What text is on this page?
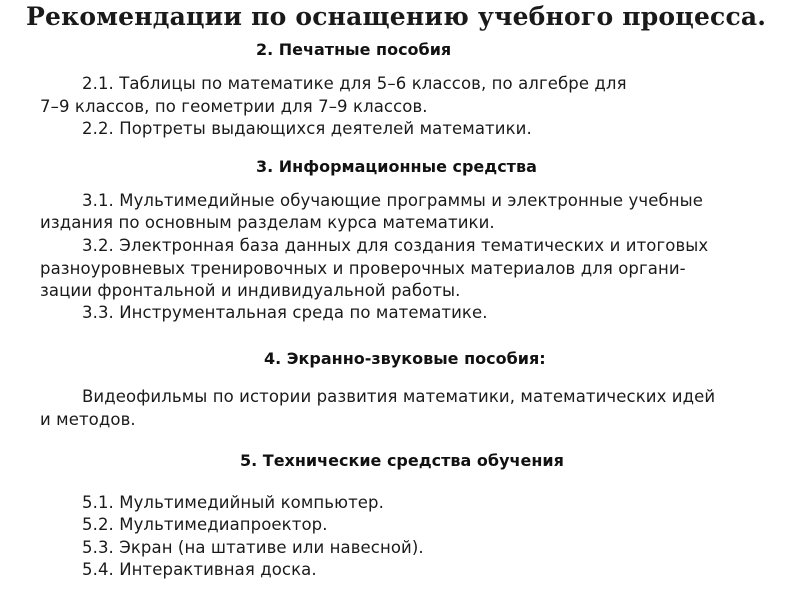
Рекомендации по оснащению учебного процесса.
2. Печатные пособия
2.1. Таблицы по математике для 5–6 классов, по алгебре для
7–9 классов, по геометрии для 7–9 классов.
2.2. Портреты выдающихся деятелей математики.
3. Информационные средства
3.1. Мультимедийные обучающие программы и электронные учебные
издания по основным разделам курса математики.
3.2. Электронная база данных для создания тематических и итоговых
разноуровневых тренировочных и проверочных материалов для органи-
зации фронтальной и индивидуальной работы.
3.3. Инструментальная среда по математике.
4. Экранно-звуковые пособия:
Видеофильмы по истории развития математики, математических идей
и методов.
5. Технические средства обучения
5.1. Мультимедийный компьютер.
5.2. Мультимедиапроектор.
5.3. Экран (на штативе или навесной).
5.4. Интерактивная доска.
